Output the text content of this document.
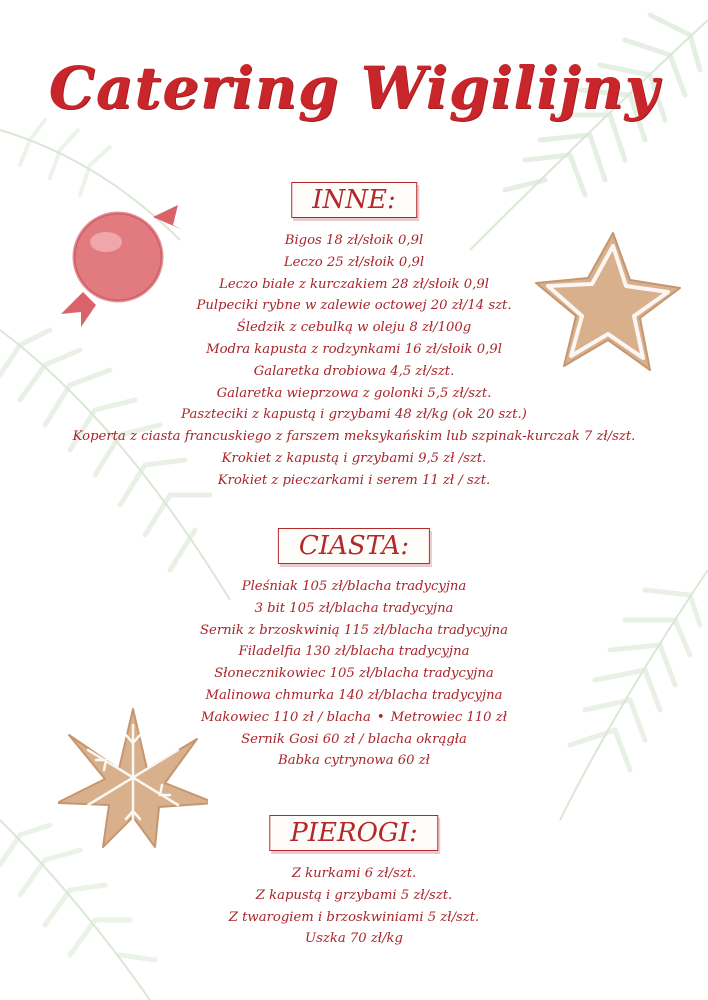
Catering Wigilijny
INNE:
Bigos 18 zł/słoik 0,9l
Leczo 25 zł/słoik 0,9l
Leczo białe z kurczakiem 28 zł/słoik 0,9l
Pulpeciki rybne w zalewie octowej 20 zł/14 szt.
Śledzik z cebulką w oleju 8 zł/100g
Modra kapusta z rodzynkami 16 zł/słoik 0,9l
Galaretka drobiowa 4,5 zł/szt.
Galaretka wieprzowa z golonki 5,5 zł/szt.
Paszteciki z kapustą i grzybami 48 zł/kg (ok 20 szt.)
Koperta z ciasta francuskiego z farszem meksykańskim lub szpinak-kurczak 7 zł/szt.
Krokiet z kapustą i grzybami 9,5 zł /szt.
Krokiet z pieczarkami i serem 11 zł / szt.
CIASTA:
Pleśniak 105 zł/blacha tradycyjna
3 bit 105 zł/blacha tradycyjna
Sernik z brzoskwinią 115 zł/blacha tradycyjna
Filadelfia 130 zł/blacha tradycyjna
Słonecznikowiec 105 zł/blacha tradycyjna
Malinowa chmurka 140 zł/blacha tradycyjna
Makowiec 110 zł / blacha • Metrowiec 110 zł
Sernik Gosi 60 zł / blacha okrągła
Babka cytrynowa 60 zł
PIEROGI:
Z kurkami 6 zł/szt.
Z kapustą i grzybami 5 zł/szt.
Z twarogiem i brzoskwiniami 5 zł/szt.
Uszka 70 zł/kg
